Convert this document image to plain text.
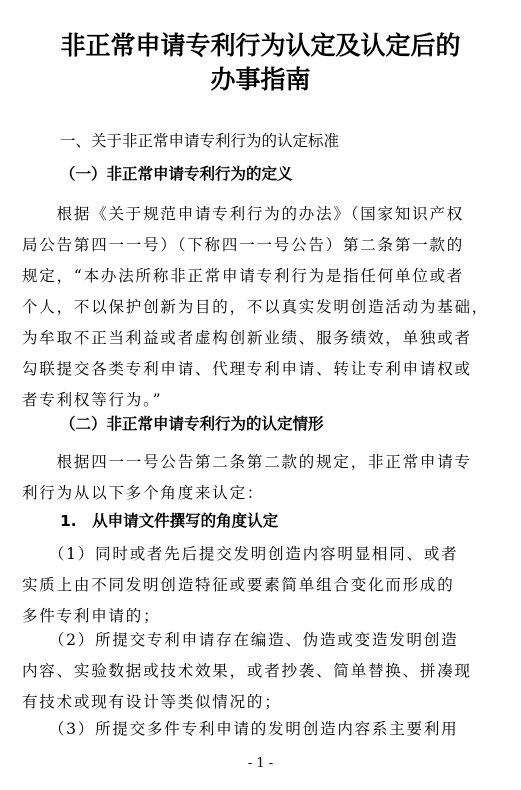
非正常申请专利行为认定及认定后的
办事指南
一、关于非正常申请专利行为的认定标准
（一）非正常申请专利行为的定义
　　根据《关于规范申请专利行为的办法》（国家知识产权
局公告第四一一号）（下称四一一号公告）第二条第一款的
规定，“本办法所称非正常申请专利行为是指任何单位或者
个人，不以保护创新为目的，不以真实发明创造活动为基础，
为牟取不正当利益或者虚构创新业绩、服务绩效，单独或者
勾联提交各类专利申请、代理专利申请、转让专利申请权或
者专利权等行为。”
（二）非正常申请专利行为的认定情形
　　根据四一一号公告第二条第二款的规定，非正常申请专
利行为从以下多个角度来认定：
1.　从申请文件撰写的角度认定
　　（1）同时或者先后提交发明创造内容明显相同、或者
实质上由不同发明创造特征或要素简单组合变化而形成的
多件专利申请的；
　　（2）所提交专利申请存在编造、伪造或变造发明创造
内容、实验数据或技术效果，或者抄袭、简单替换、拼凑现
有技术或现有设计等类似情况的；
　　（3）所提交多件专利申请的发明创造内容系主要利用
- 1 -
